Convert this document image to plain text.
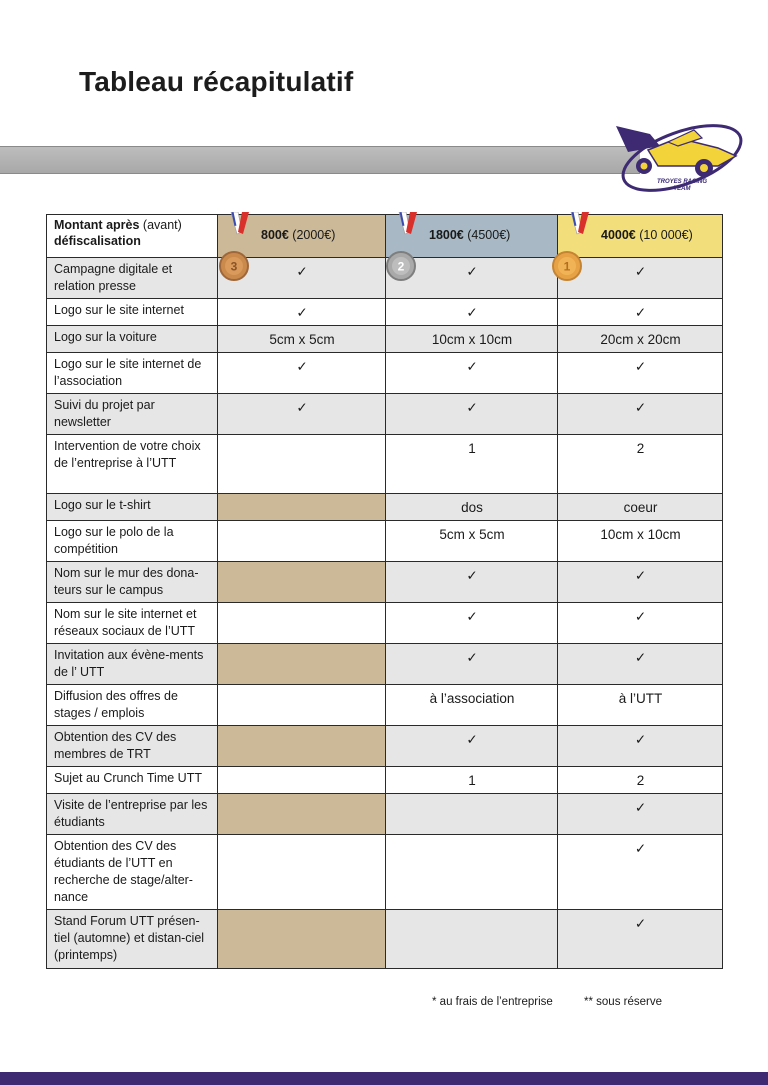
Tableau récapitulatif
TROYES RACING
TEAM
Montant après (avant)
défiscalisation	800€ (2000€)	1800€ (4500€)	4000€ (10 000€)

Campagne digitale et relation presse	✓	✓	✓
Logo sur le site internet	✓	✓	✓
Logo sur la voiture	5cm x 5cm	10cm x 10cm	20cm x 20cm
Logo sur le site internet de l’association	✓	✓	✓
Suivi du projet par newsletter	✓	✓	✓
Intervention de votre choix de l’entreprise à l’UTT		1	2
Logo sur le t-shirt		dos	coeur
Logo sur le polo de la compétition		5cm x 5cm	10cm x 10cm
Nom sur le mur des dona-teurs sur le campus		✓	✓
Nom sur le site internet et réseaux sociaux de l’UTT		✓	✓
Invitation aux évène-ments de l’ UTT		✓	✓
Diffusion des offres de stages / emplois		à l’association	à l’UTT
Obtention des CV des membres de TRT		✓	✓
Sujet au Crunch Time UTT		1	2
Visite de l’entreprise par les étudiants			✓
Obtention des CV des étudiants de l’UTT en recherche de stage/alter-nance			✓
Stand Forum UTT présen-tiel (automne) et distan-ciel (printemps)			✓
3	2	1
* au frais de l’entreprise	** sous réserve
